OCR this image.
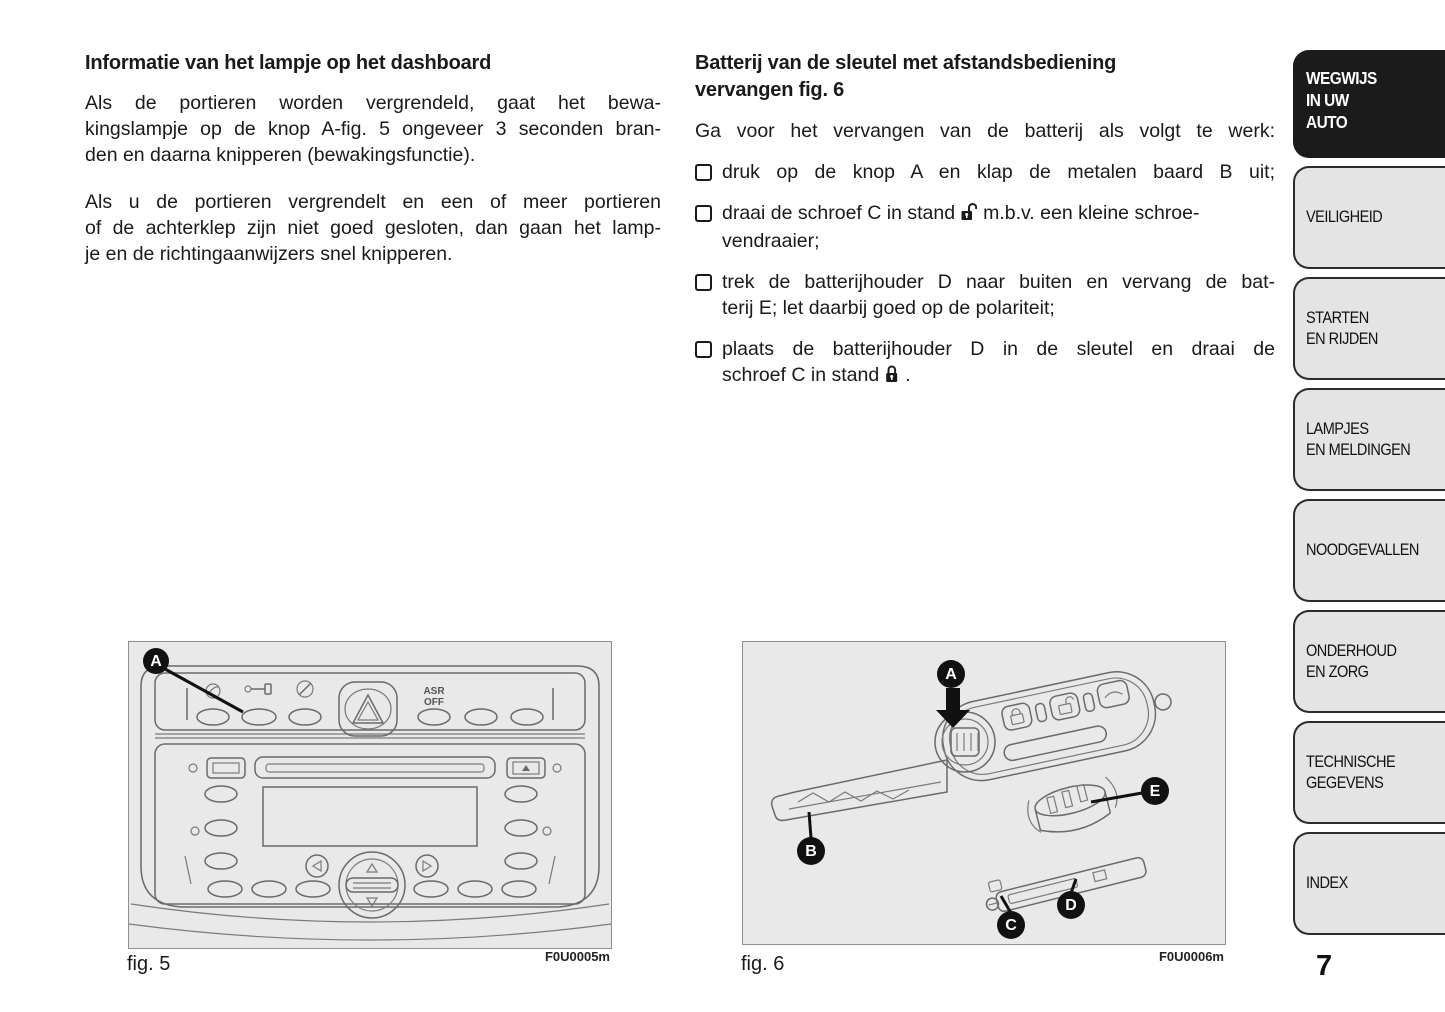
Informatie van het lampje op het dashboard
Als de portieren worden vergrendeld, gaat het bewa-
kingslampje op de knop A-fig. 5 ongeveer 3 seconden bran-
den en daarna knipperen (bewakingsfunctie).
Als u de portieren vergrendelt en een of meer portieren
of de achterklep zijn niet goed gesloten, dan gaan het lamp-
je en de richtingaanwijzers snel knipperen.
Batterij van de sleutel met afstandsbediening
vervangen fig. 6
Ga voor het vervangen van de batterij als volgt te werk:
druk op de knop A en klap de metalen baard B uit;
draai de schroef C in stand m.b.v. een kleine schroe-
vendraaier;
trek de batterijhouder D naar buiten en vervang de bat-
terij E; let daarbij goed op de polariteit;
plaats de batterijhouder D in de sleutel en draai de
schroef C in stand .
WEGWIJS
IN UW
AUTO
VEILIGHEID
STARTEN
EN RIJDEN
LAMPJES
EN MELDINGEN
NOODGEVALLEN
ONDERHOUD
EN ZORG
TECHNISCHE
GEGEVENS
INDEX
7
ASR
OFF
A
A
B
C
D
E
fig. 5	F0U0005m	fig. 6	F0U0006m
